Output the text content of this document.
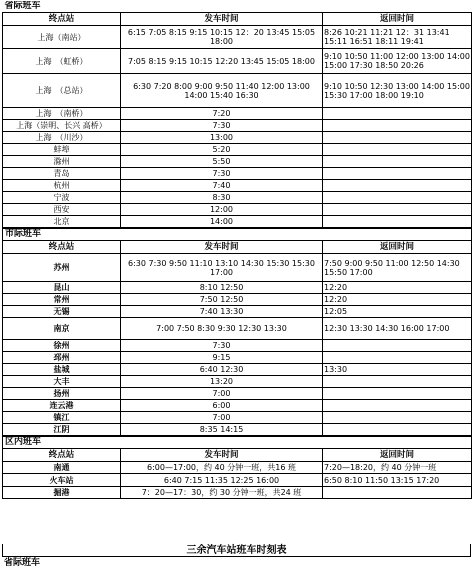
省际班车		

终点站	发车时间	返回时间
上海（南站）	6:15 7:05 8:15 9:15 10:15 12：20 13:45 15:05 18:00	8:26 10:21 11:21 12：31 13:41 15:11 16:51 18:11 19:41
上海　（虹桥）	7:05 8:15 9:15 10:15 12:20 13:45 15:05 18:00	9:10 10:50 11:00 12:00 13:00 14:00 15:00 17:30 18:50 20:26
上海　（总站）	6:30 7:20 8:00 9:00 9:50 11:40 12:00 13:00 14:00 15:40 16:30	9:10 10:50 12:30 13:00 14:00 15:00 15:30 17:00 18:00 19:10
上海　（南桥）	7:20	
上海（崇明、长兴 高桥）	7:30	
上海　（川沙）	13:00	
蚌埠	5:20	
滁州	5:50	
青岛	7:30	
杭州	7:40	
宁波	8:30	
西安	12:00	
北京	14:00	
市际班车		

终点站	发车时间	返回时间
苏州	6:30 7:30 9:50 11:10 13:10 14:30 15:30 15:30 17:00	7:50 9:00 9:50 11:00 12:50 14:30 15:50 17:00
昆山	8:10 12:50	12:20
常州	7:50 12:50	12:20
无锡	7:40 13:30	12:05
南京	7:00 7:50 8:30 9:30 12:30 13:30	12:30 13:30 14:30 16:00 17:00
徐州	7:30	
邳州	9:15	
盐城	6:40 12:30	13:30
大丰	13:20	
扬州	7:00	
连云港	6:00	
镇江	7:00	
江阴	8:35 14:15	
区内班车		

终点站	发车时间	返回时间
南通	6:00—17:00，约 40 分钟一班，共16 班	7:20—18:20，约 40 分钟一班
火车站	6:40 7:15 11:35 12:25 16:00	6:50 8:10 11:50 13:15 17:20
掘港	7：20—17：30，约 30 分钟一班，共24 班	
三余汽车站班车时刻表
省际班车
